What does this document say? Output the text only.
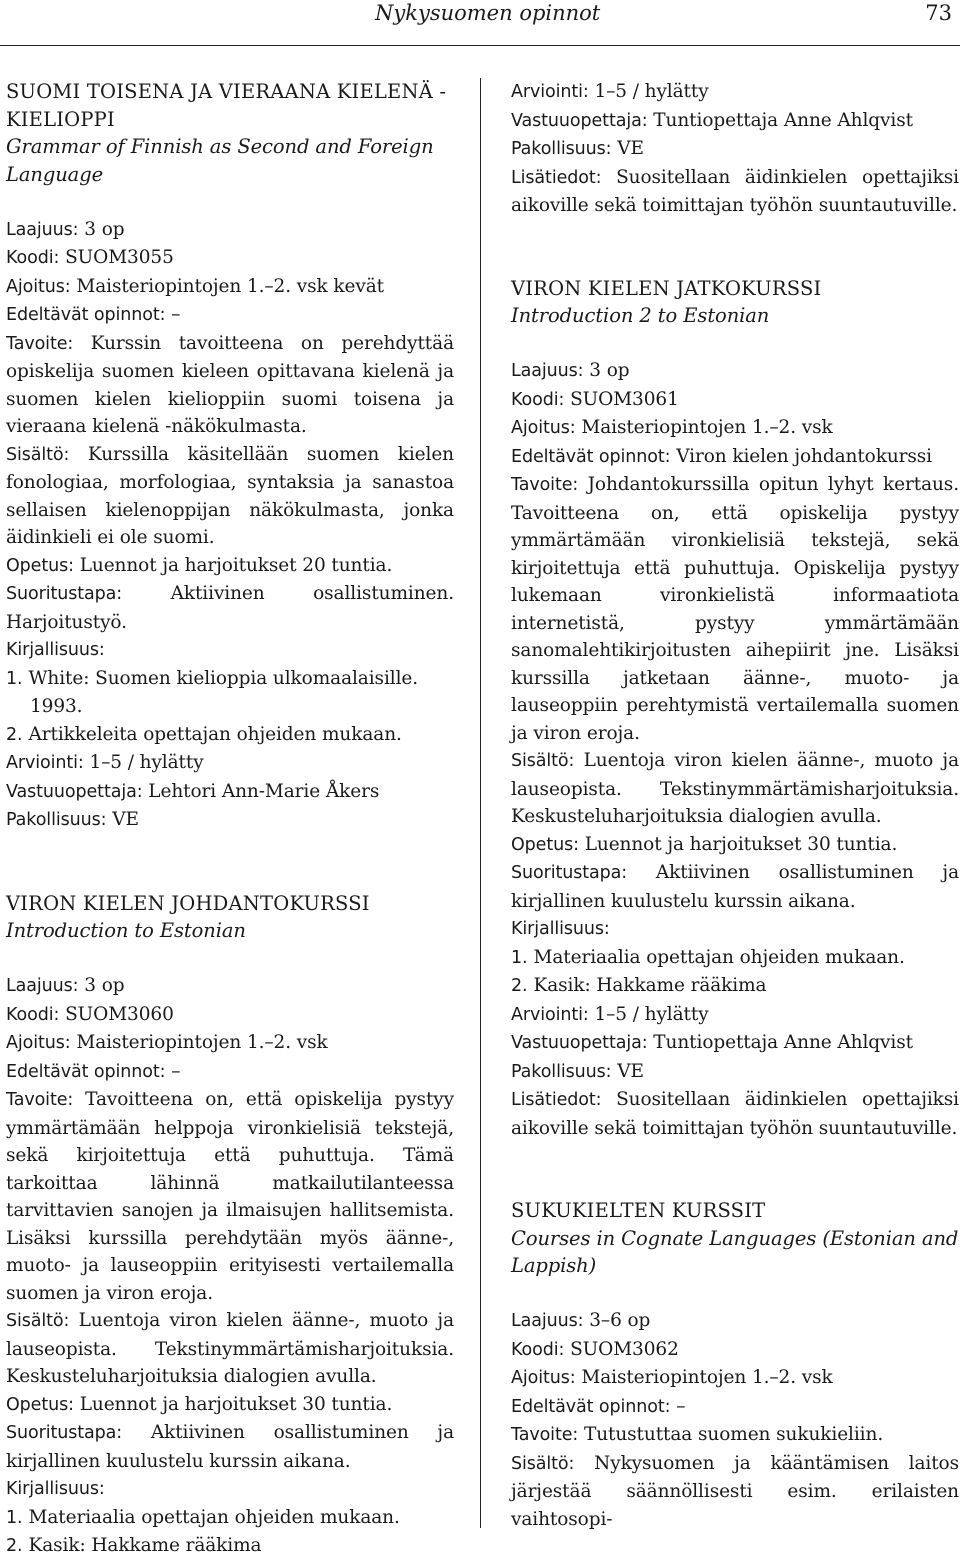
Nykysuomen opinnot	73
SUOMI TOISENA JA VIERAANA KIELENÄ -KIELIOPPI
Grammar of Finnish as Second and Foreign Language

Laajuus: 3 op

Koodi: SUOM3055

Ajoitus: Maisteriopintojen 1.–2. vsk kevät

Edeltävät opinnot: –

Tavoite: Kurssin tavoitteena on perehdyttää opiskelija suomen kieleen opittavana kielenä ja suomen kielen kielioppiin suomi toisena ja vieraana kielenä -näkökulmasta.

Sisältö: Kurssilla käsitellään suomen kielen fonologiaa, morfologiaa, syntaksia ja sanastoa sellaisen kielenoppijan näkökulmasta, jonka äidinkieli ei ole suomi.

Opetus: Luennot ja harjoitukset 20 tuntia.

Suoritustapa: Aktiivinen osallistuminen. Harjoitustyö.

Kirjallisuus:

1. White: Suomen kielioppia ulkomaalaisille. 1993.
2. Artikkeleita opettajan ohjeiden mukaan.

Arviointi: 1–5 / hylätty

Vastuuopettaja: Lehtori Ann-Marie Åkers

Pakollisuus: VE

VIRON KIELEN JOHDANTOKURSSI
Introduction to Estonian

Laajuus: 3 op

Koodi: SUOM3060

Ajoitus: Maisteriopintojen 1.–2. vsk

Edeltävät opinnot: –

Tavoite: Tavoitteena on, että opiskelija pystyy ymmärtämään helppoja vironkielisiä tekstejä, sekä kirjoitettuja että puhuttuja. Tämä tarkoittaa lähinnä matkailutilanteessa tarvittavien sanojen ja ilmaisujen hallitsemista. Lisäksi kurssilla perehdytään myös äänne-, muoto- ja lauseoppiin erityisesti vertailemalla suomen ja viron eroja.

Sisältö: Luentoja viron kielen äänne-, muoto ja lauseopista. Tekstinymmärtämisharjoituksia. Keskusteluharjoituksia dialogien avulla.

Opetus: Luennot ja harjoitukset 30 tuntia.

Suoritustapa: Aktiivinen osallistuminen ja kirjallinen kuulustelu kurssin aikana.

Kirjallisuus:

1. Materiaalia opettajan ohjeiden mukaan.
2. Kasik: Hakkame rääkima

Arviointi: 1–5 / hylätty

Vastuuopettaja: Tuntiopettaja Anne Ahlqvist

Pakollisuus: VE

Lisätiedot: Suositellaan äidinkielen opettajiksi aikoville sekä toimittajan työhön suuntautuville.

VIRON KIELEN JATKOKURSSI
Introduction 2 to Estonian

Laajuus: 3 op

Koodi: SUOM3061

Ajoitus: Maisteriopintojen 1.–2. vsk

Edeltävät opinnot: Viron kielen johdantokurssi

Tavoite: Johdantokurssilla opitun lyhyt kertaus. Tavoitteena on, että opiskelija pystyy ymmärtämään vironkielisiä tekstejä, sekä kirjoitettuja että puhuttuja. Opiskelija pystyy lukemaan vironkielistä informaatiota internetistä, pystyy ymmärtämään sanomalehtikirjoitusten aihepiirit jne. Lisäksi kurssilla jatketaan äänne-, muoto- ja lauseoppiin perehtymistä vertailemalla suomen ja viron eroja.

Sisältö: Luentoja viron kielen äänne-, muoto ja lauseopista. Tekstinymmärtämisharjoituksia. Keskusteluharjoituksia dialogien avulla.

Opetus: Luennot ja harjoitukset 30 tuntia.

Suoritustapa: Aktiivinen osallistuminen ja kirjallinen kuulustelu kurssin aikana.

Kirjallisuus:

1. Materiaalia opettajan ohjeiden mukaan.
2. Kasik: Hakkame rääkima

Arviointi: 1–5 / hylätty

Vastuuopettaja: Tuntiopettaja Anne Ahlqvist

Pakollisuus: VE

Lisätiedot: Suositellaan äidinkielen opettajiksi aikoville sekä toimittajan työhön suuntautuville.

SUKUKIELTEN KURSSIT
Courses in Cognate Languages (Estonian and Lappish)

Laajuus: 3–6 op

Koodi: SUOM3062

Ajoitus: Maisteriopintojen 1.–2. vsk

Edeltävät opinnot: –

Tavoite: Tutustuttaa suomen sukukieliin.

Sisältö: Nykysuomen ja kääntämisen laitos järjestää säännöllisesti esim. erilaisten vaihtosopi-
